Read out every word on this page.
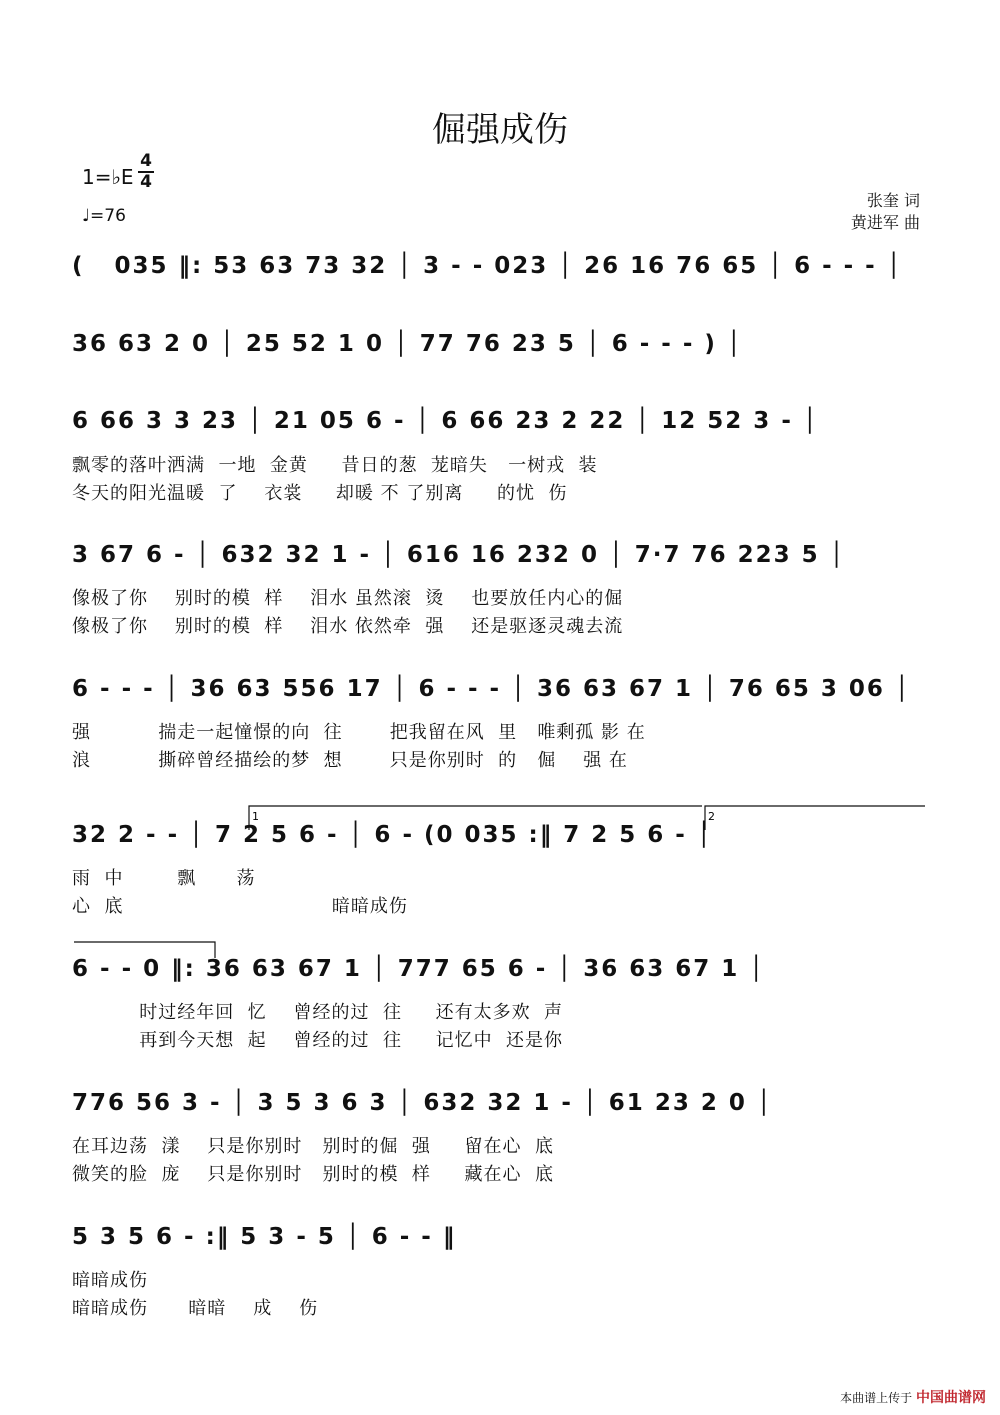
倔强成伤
1=♭E
4
4
♩=76
张奎 词
黄进军 曲
(   035 ‖: 53 63 73 32 │ 3 - - 023 │ 26 16 76 65 │ 6 - - - │
36 63 2 0 │ 25 52 1 0 │ 77 76 23 5 │ 6 - - - ) │
6 66 3 3 23 │ 21 05 6 - │ 6 66 23 2 22 │ 12 52 3 - │
飘零的落叶洒满  一地  金黄     昔日的葱  茏暗失   一树戎  装
冬天的阳光温暖  了    衣裳     却暖 不 了别离     的忧  伤
3 67 6 - │ 632 32 1 - │ 616 16 232 0 │ 7·7 76 223 5 │
像极了你    别时的模  样    泪水 虽然滚  烫    也要放任内心的倔
像极了你    别时的模  样    泪水 依然牵  强    还是驱逐灵魂去流
6 - - - │ 36 63 556 17 │ 6 - - - │ 36 63 67 1 │ 76 65 3 06 │
强          揣走一起憧憬的向  往       把我留在风  里   唯剩孤 影 在
浪          撕碎曾经描绘的梦  想       只是你别时  的   倔    强 在
32 2 - - │ 7 2 5 6 - │ 6 - (0 035 :‖ 7 2 5 6 - │
雨  中        飘      荡
心  底                               暗暗成伤
6 - - 0 ‖: 36 63 67 1 │ 777 65 6 - │ 36 63 67 1 │
时过经年回  忆    曾经的过  往     还有太多欢  声
再到今天想  起    曾经的过  往     记忆中  还是你
776 56 3 - │ 3 5 3 6 3 │ 632 32 1 - │ 61 23 2 0 │
在耳边荡  漾    只是你别时   别时的倔  强     留在心  底
微笑的脸  庞    只是你别时   别时的模  样     藏在心  底
5 3 5 6 - :‖ 5 3 - 5 │ 6 - - ‖
暗暗成伤
暗暗成伤      暗暗    成    伤
1	2
本曲谱上传于 中国曲谱网
